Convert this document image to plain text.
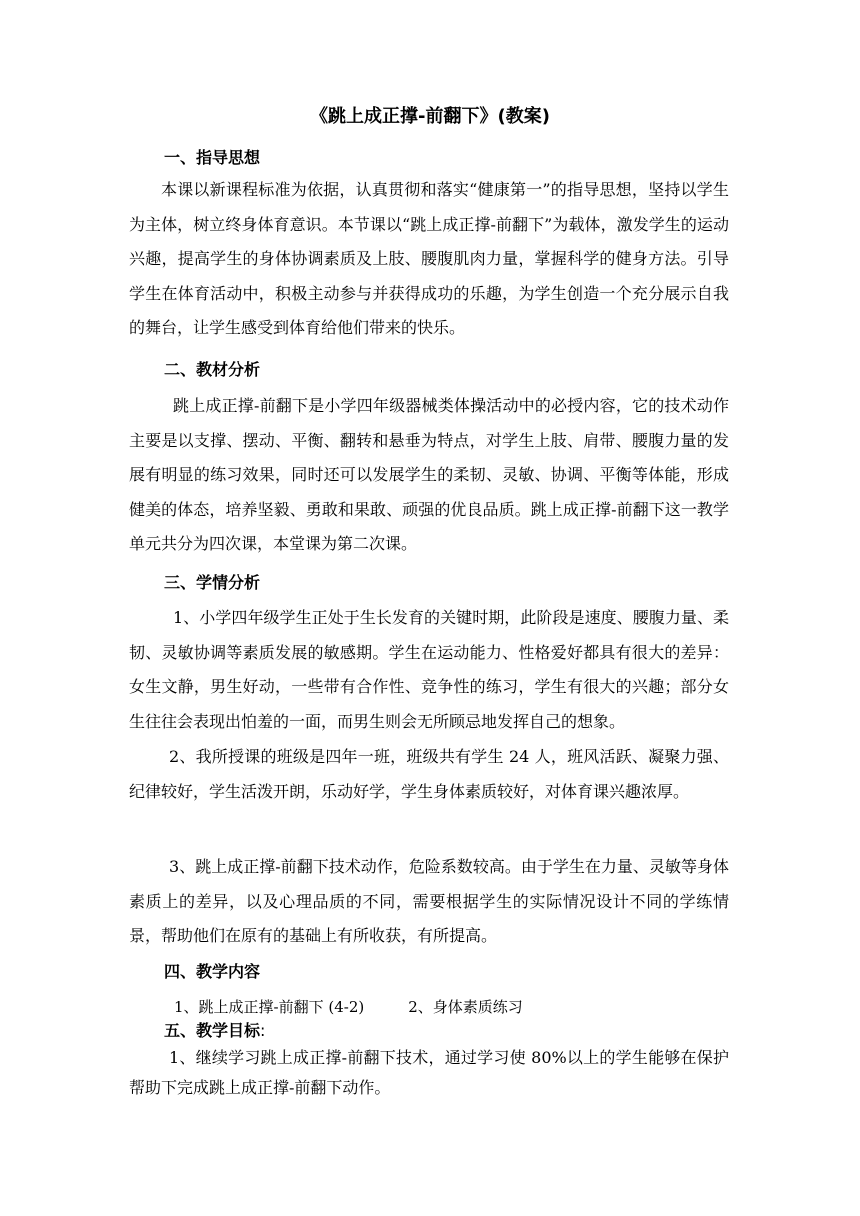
《跳上成正撑-前翻下》(教案)
一、指导思想
本课以新课程标准为依据，认真贯彻和落实“健康第一”的指导思想，坚持以学生为主体，树立终身体育意识。本节课以“跳上成正撑-前翻下”为载体，激发学生的运动兴趣，提高学生的身体协调素质及上肢、腰腹肌肉力量，掌握科学的健身方法。引导学生在体育活动中，积极主动参与并获得成功的乐趣，为学生创造一个充分展示自我的舞台，让学生感受到体育给他们带来的快乐。
二、教材分析
跳上成正撑-前翻下是小学四年级器械类体操活动中的必授内容，它的技术动作主要是以支撑、摆动、平衡、翻转和悬垂为特点，对学生上肢、肩带、腰腹力量的发展有明显的练习效果，同时还可以发展学生的柔韧、灵敏、协调、平衡等体能，形成健美的体态，培养坚毅、勇敢和果敢、顽强的优良品质。跳上成正撑-前翻下这一教学单元共分为四次课，本堂课为第二次课。
三、学情分析
1、小学四年级学生正处于生长发育的关键时期，此阶段是速度、腰腹力量、柔韧、灵敏协调等素质发展的敏感期。学生在运动能力、性格爱好都具有很大的差异：女生文静，男生好动，一些带有合作性、竞争性的练习，学生有很大的兴趣；部分女生往往会表现出怕羞的一面，而男生则会无所顾忌地发挥自己的想象。
2、我所授课的班级是四年一班，班级共有学生 24 人，班风活跃、凝聚力强、纪律较好，学生活泼开朗，乐动好学，学生身体素质较好，对体育课兴趣浓厚。
3、跳上成正撑-前翻下技术动作，危险系数较高。由于学生在力量、灵敏等身体素质上的差异，以及心理品质的不同，需要根据学生的实际情况设计不同的学练情景，帮助他们在原有的基础上有所收获，有所提高。
四、教学内容
1、跳上成正撑-前翻下 (4-2)	2、身体素质练习
五、教学目标:
1、继续学习跳上成正撑-前翻下技术，通过学习使 80%以上的学生能够在保护帮助下完成跳上成正撑-前翻下动作。
